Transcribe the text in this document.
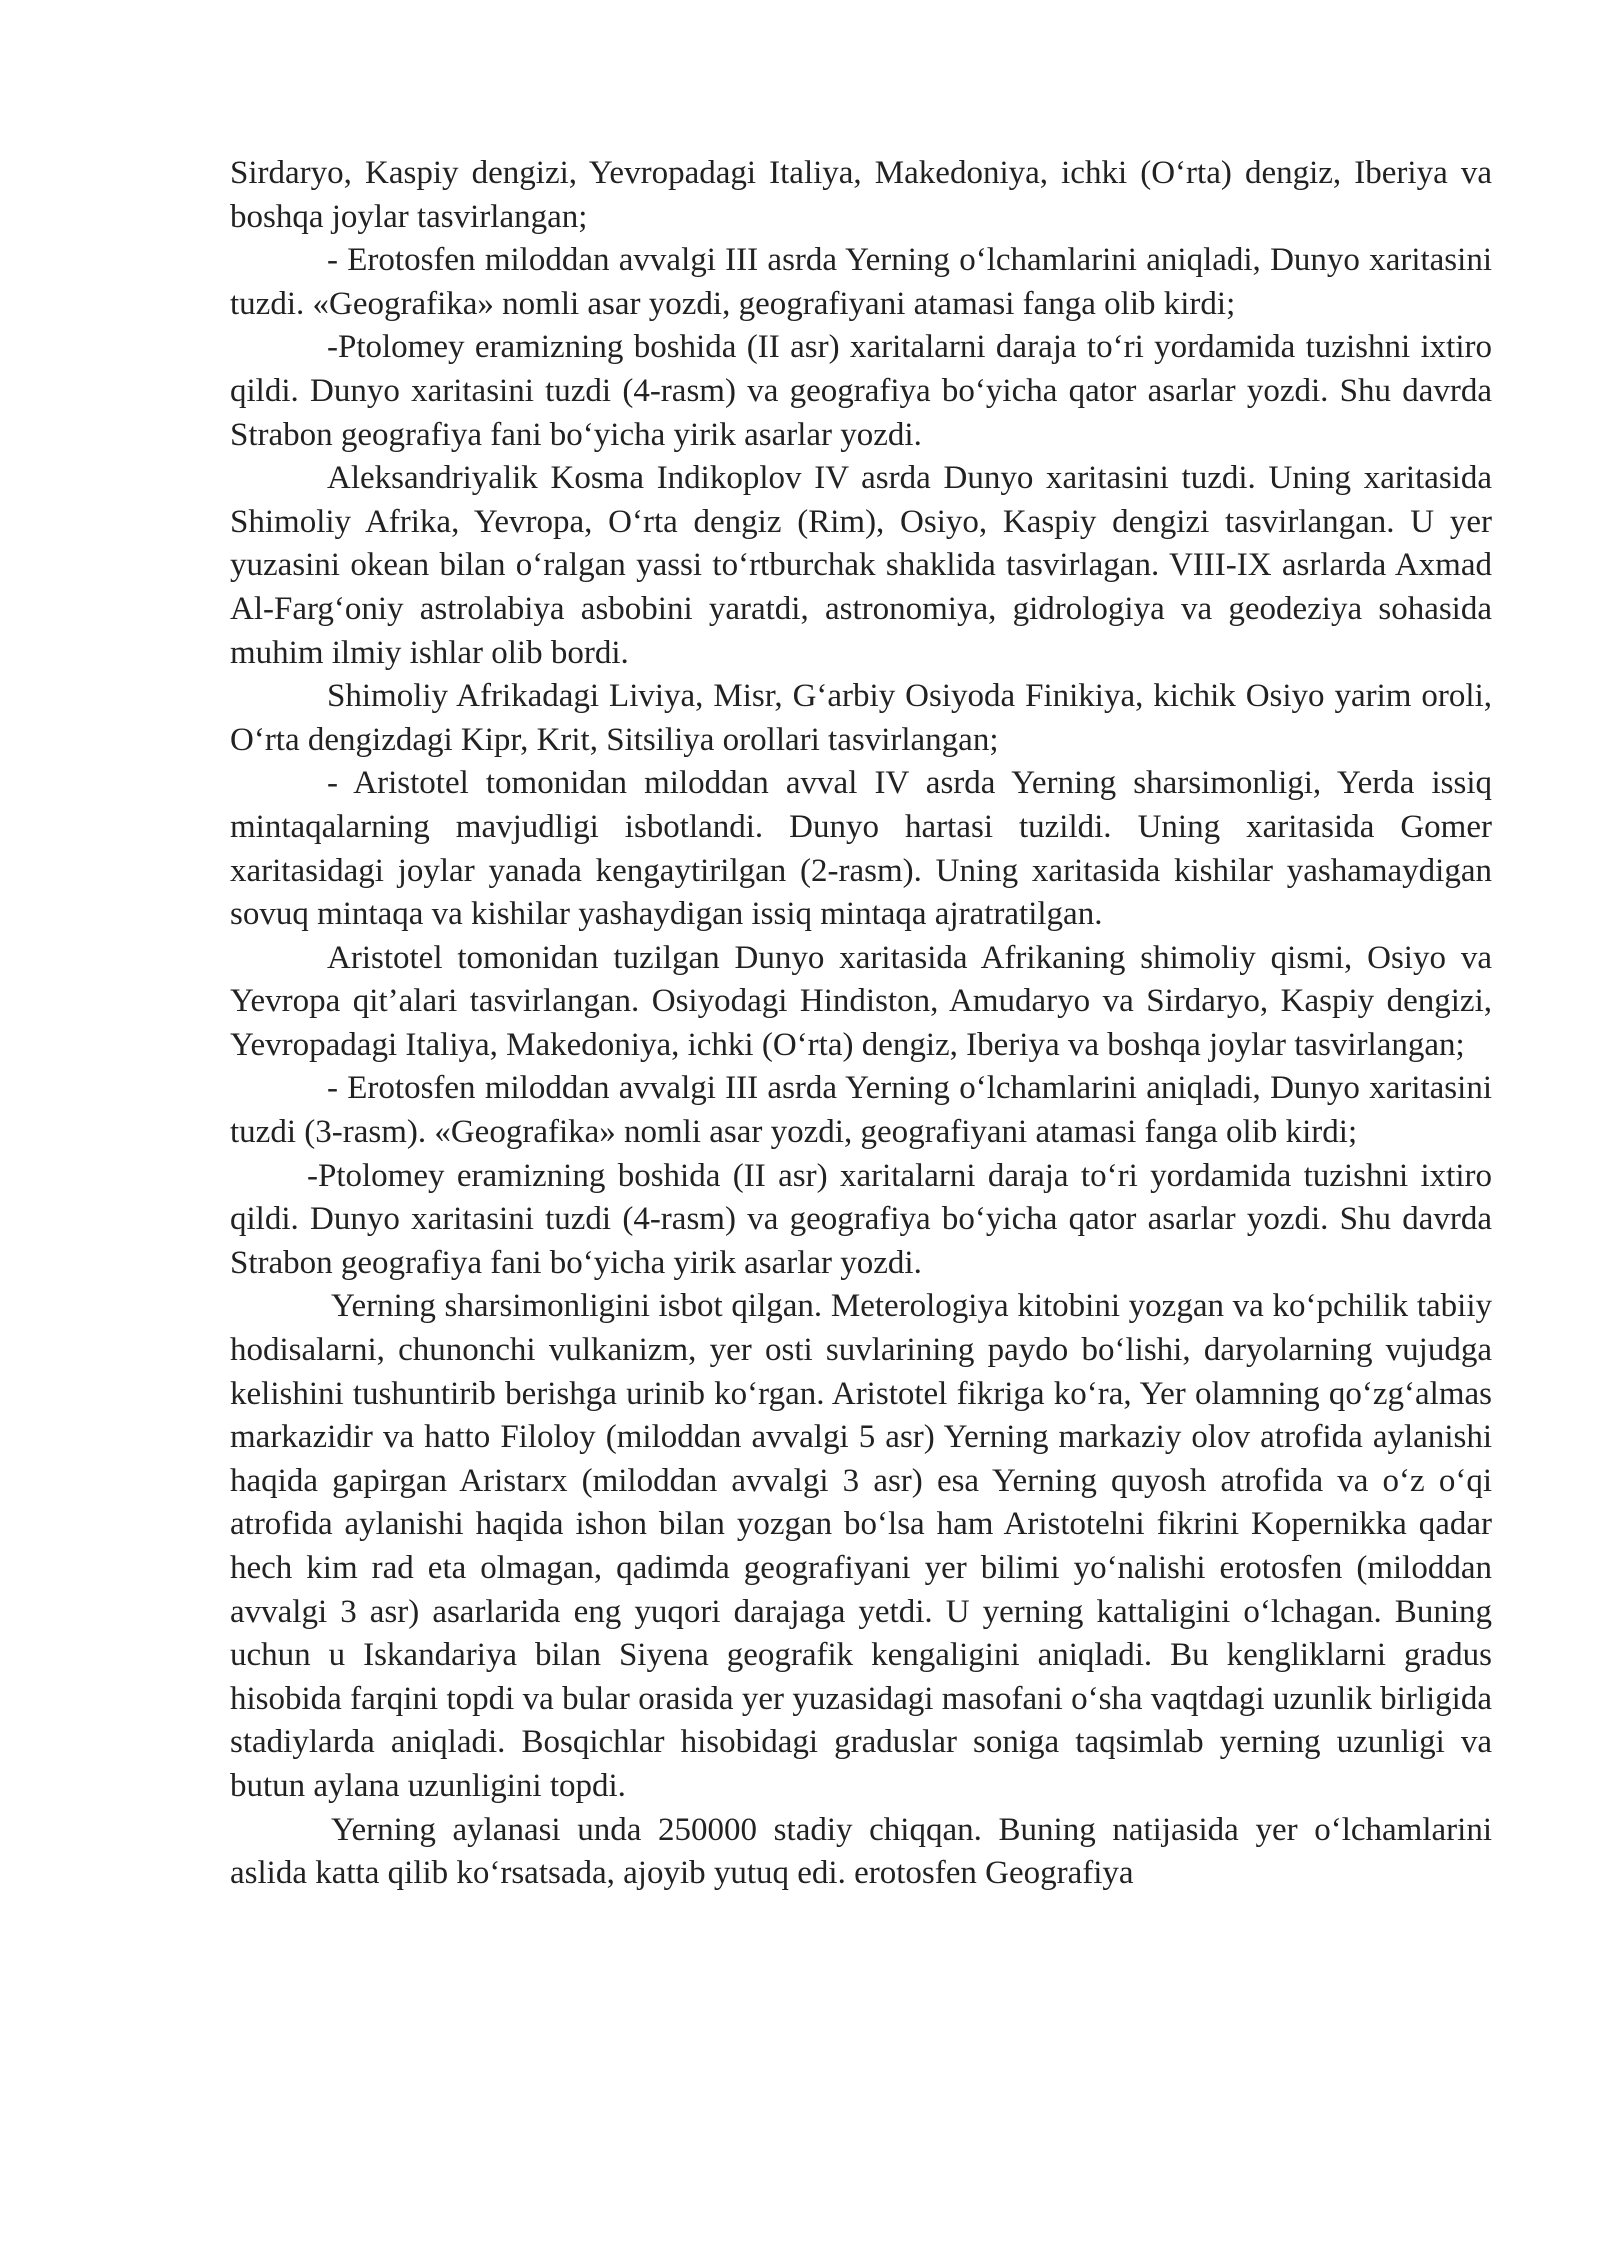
Sirdaryo, Kaspiy dengizi, Yevropadagi Italiya, Makedoniya, ichki (O‘rta) dengiz, Iberiya va boshqa joylar tasvirlangan;

- Erotosfen miloddan avvalgi III asrda Yerning o‘lchamlarini aniqladi, Dunyo xaritasini tuzdi. «Geografika» nomli asar yozdi, geografiyani atamasi fanga olib kirdi;

-Ptolomey eramizning boshida (II asr) xaritalarni daraja to‘ri yordamida tuzishni ixtiro qildi. Dunyo xaritasini tuzdi (4-rasm) va geografiya bo‘yicha qator asarlar yozdi. Shu davrda Strabon geografiya fani bo‘yicha yirik asarlar yozdi.

Aleksandriyalik Kosma Indikoplov IV asrda Dunyo xaritasini tuzdi. Uning xaritasida Shimoliy Afrika, Yevropa, O‘rta dengiz (Rim), Osiyo, Kaspiy dengizi tasvirlangan. U yer yuzasini okean bilan o‘ralgan yassi to‘rtburchak shaklida tasvirlagan. VIII-IX asrlarda Axmad Al-Farg‘oniy astrolabiya asbobini yaratdi, astronomiya, gidrologiya va geodeziya sohasida muhim ilmiy ishlar olib bordi.

Shimoliy Afrikadagi Liviya, Misr, G‘arbiy Osiyoda Finikiya, kichik Osiyo yarim oroli, O‘rta dengizdagi Kipr, Krit, Sitsiliya orollari tasvirlangan;

- Aristotel tomonidan miloddan avval IV asrda Yerning sharsimonligi, Yerda issiq mintaqalarning mavjudligi isbotlandi. Dunyo hartasi tuzildi. Uning xaritasida Gomer xaritasidagi joylar yanada kengaytirilgan (2-rasm). Uning xaritasida kishilar yashamaydigan sovuq mintaqa va kishilar yashaydigan issiq mintaqa ajratratilgan.

Aristotel tomonidan tuzilgan Dunyo xaritasida Afrikaning shimoliy qismi, Osiyo va Yevropa qit’alari tasvirlangan. Osiyodagi Hindiston, Amudaryo va Sirdaryo, Kaspiy dengizi, Yevropadagi Italiya, Makedoniya, ichki (O‘rta) dengiz, Iberiya va boshqa joylar tasvirlangan;

- Erotosfen miloddan avvalgi III asrda Yerning o‘lchamlarini aniqladi, Dunyo xaritasini tuzdi (3-rasm). «Geografika» nomli asar yozdi, geografiyani atamasi fanga olib kirdi;

-Ptolomey eramizning boshida (II asr) xaritalarni daraja to‘ri yordamida tuzishni ixtiro qildi. Dunyo xaritasini tuzdi (4-rasm) va geografiya bo‘yicha qator asarlar yozdi. Shu davrda Strabon geografiya fani bo‘yicha yirik asarlar yozdi.

Yerning sharsimonligini isbot qilgan. Meterologiya kitobini yozgan va ko‘pchilik tabiiy hodisalarni, chunonchi vulkanizm, yer osti suvlarining paydo bo‘lishi, daryolarning vujudga kelishini tushuntirib berishga urinib ko‘rgan. Aristotel fikriga ko‘ra, Yer olamning qo‘zg‘almas markazidir va hatto Filoloy (miloddan avvalgi 5 asr) Yerning markaziy olov atrofida aylanishi haqida gapirgan Aristarx (miloddan avvalgi 3 asr) esa Yerning quyosh atrofida va o‘z o‘qi atrofida aylanishi haqida ishon bilan yozgan bo‘lsa ham Aristotelni fikrini Kopernikka qadar hech kim rad eta olmagan, qadimda geografiyani yer bilimi yo‘nalishi erotosfen (miloddan avvalgi 3 asr) asarlarida eng yuqori darajaga yetdi. U yerning kattaligini o‘lchagan. Buning uchun u Iskandariya bilan Siyena geografik kengaligini aniqladi. Bu kengliklarni gradus hisobida farqini topdi va bular orasida yer yuzasidagi masofani o‘sha vaqtdagi uzunlik birligida stadiylarda aniqladi. Bosqichlar hisobidagi graduslar soniga taqsimlab yerning uzunligi va butun aylana uzunligini topdi.

Yerning aylanasi unda 250000 stadiy chiqqan. Buning natijasida yer o‘lchamlarini aslida katta qilib ko‘rsatsada, ajoyib yutuq edi. erotosfen Geografiya
